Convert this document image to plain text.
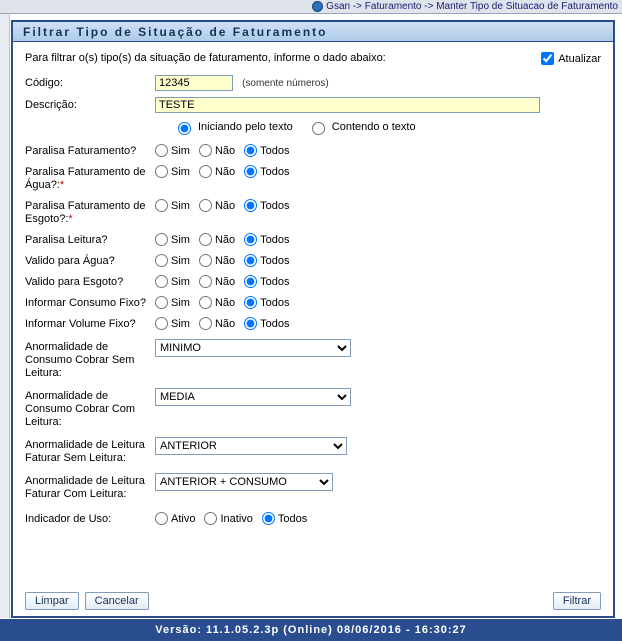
Gsan -> Faturamento -> Manter Tipo de Situacao de Faturamento
Filtrar Tipo de Situação de Faturamento
Para filtrar o(s) tipo(s) da situação de faturamento, informe o dado abaixo:	Atualizar
Código:
12345	(somente números)
Descrição:
TESTE
Iniciando pelo texto	Contendo o texto
Paralisa Faturamento?	Sim Não Todos
Paralisa Faturamento de Água?:*
Sim Não Todos
Paralisa Faturamento de Esgoto?:*
Sim Não Todos
Paralisa Leitura?	Sim Não Todos
Valido para Água?	Sim Não Todos
Valido para Esgoto?	Sim Não Todos
Informar Consumo Fixo?	Sim Não Todos
Informar Volume Fixo?	Sim Não Todos
Anormalidade de Consumo Cobrar Sem Leitura:
MINIMO
Anormalidade de Consumo Cobrar Com Leitura:
MEDIA
Anormalidade de Leitura Faturar Sem Leitura:
ANTERIOR
Anormalidade de Leitura Faturar Com Leitura:
ANTERIOR + CONSUMO
Indicador de Uso:	Ativo Inativo Todos
Limpar	Cancelar	Filtrar
Versão: 11.1.05.2.3p (Online) 08/06/2016 - 16:30:27
